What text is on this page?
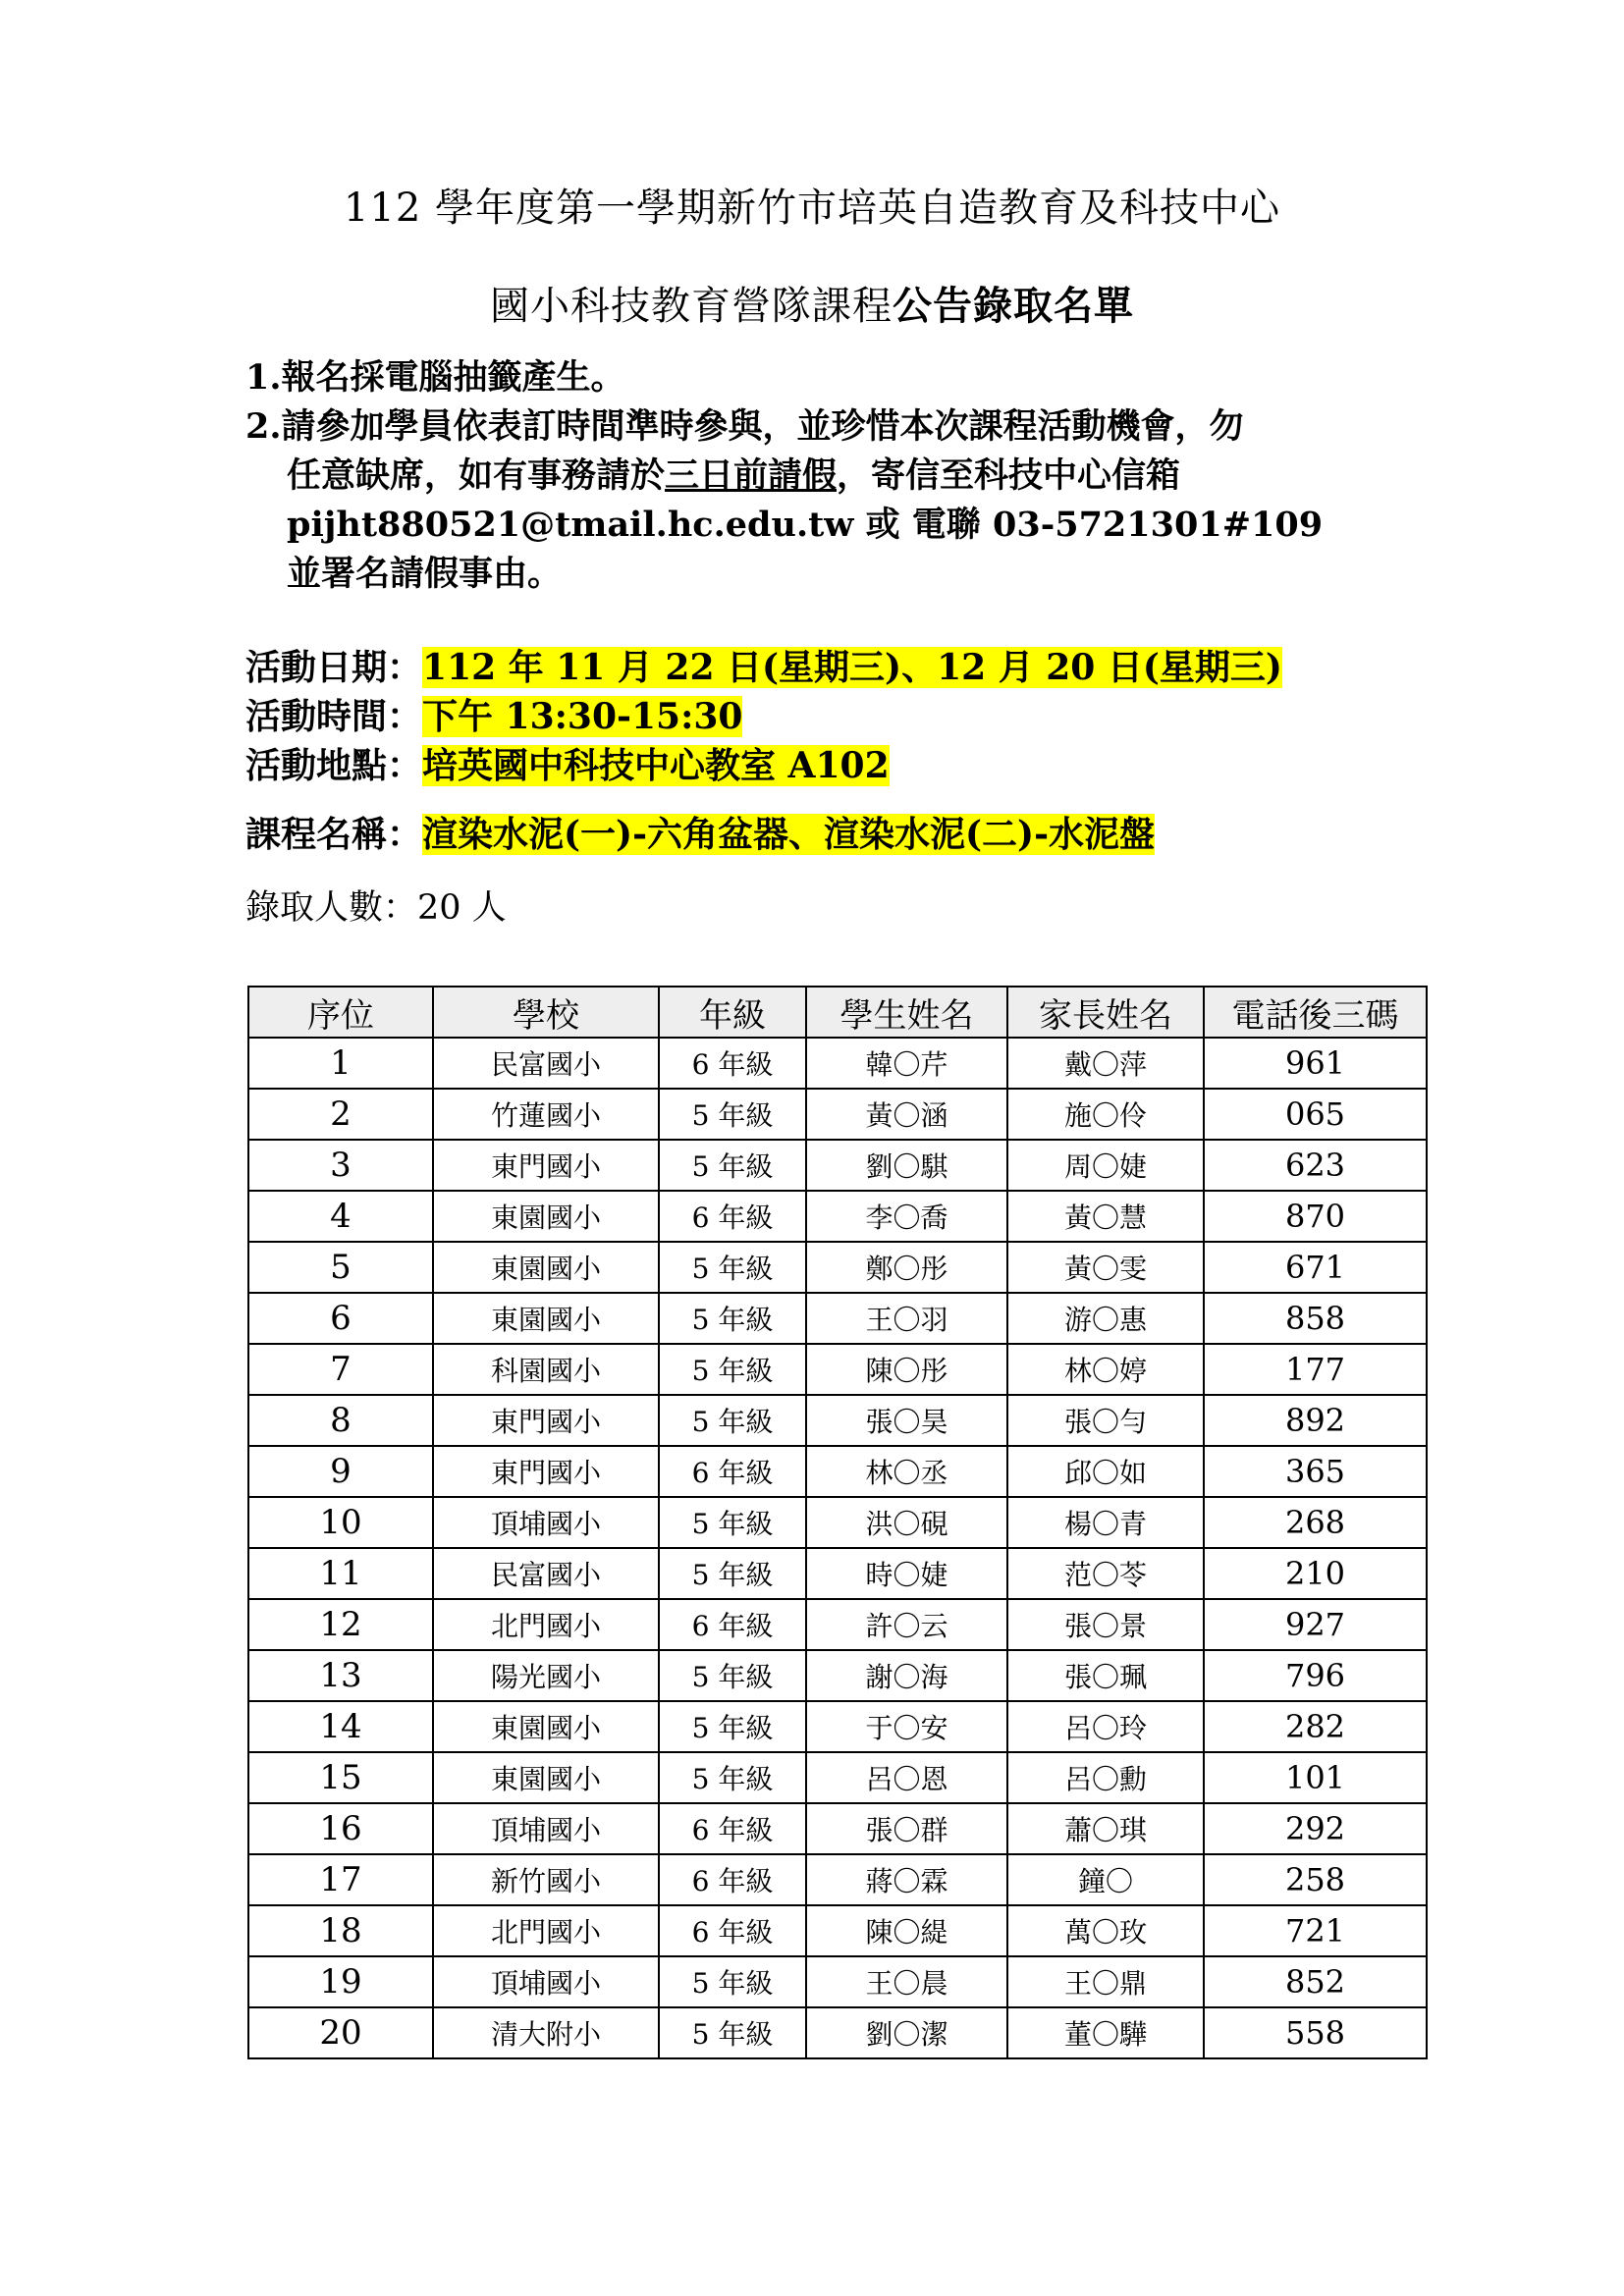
112 學年度第一學期新竹市培英自造教育及科技中心
國小科技教育營隊課程公告錄取名單
1.報名採電腦抽籤產生。
2.請參加學員依表訂時間準時參與，並珍惜本次課程活動機會，勿
任意缺席，如有事務請於三日前請假，寄信至科技中心信箱
pijht880521@tmail.hc.edu.tw 或 電聯 03-5721301#109
並署名請假事由。
活動日期：112 年 11 月 22 日(星期三)、12 月 20 日(星期三)
活動時間：下午 13:30-15:30
活動地點：培英國中科技中心教室 A102
課程名稱：渲染水泥(一)-六角盆器、渲染水泥(二)-水泥盤
錄取人數：20 人
序位	學校	年級	學生姓名	家長姓名	電話後三碼
1	民富國小	6 年級	韓〇芹	戴〇萍	961
2	竹蓮國小	5 年級	黃〇涵	施〇伶	065
3	東門國小	5 年級	劉〇騏	周〇婕	623
4	東園國小	6 年級	李〇喬	黃〇慧	870
5	東園國小	5 年級	鄭〇彤	黃〇雯	671
6	東園國小	5 年級	王〇羽	游〇惠	858
7	科園國小	5 年級	陳〇彤	林〇婷	177
8	東門國小	5 年級	張〇昊	張〇勻	892
9	東門國小	6 年級	林〇丞	邱〇如	365
10	頂埔國小	5 年級	洪〇硯	楊〇青	268
11	民富國小	5 年級	時〇婕	范〇苓	210
12	北門國小	6 年級	許〇云	張〇景	927
13	陽光國小	5 年級	謝〇海	張〇珮	796
14	東園國小	5 年級	于〇安	呂〇玲	282
15	東園國小	5 年級	呂〇恩	呂〇勳	101
16	頂埔國小	6 年級	張〇群	蕭〇琪	292
17	新竹國小	6 年級	蔣〇霖	鐘〇	258
18	北門國小	6 年級	陳〇緹	萬〇玫	721
19	頂埔國小	5 年級	王〇晨	王〇鼎	852
20	清大附小	5 年級	劉〇潔	董〇驊	558
